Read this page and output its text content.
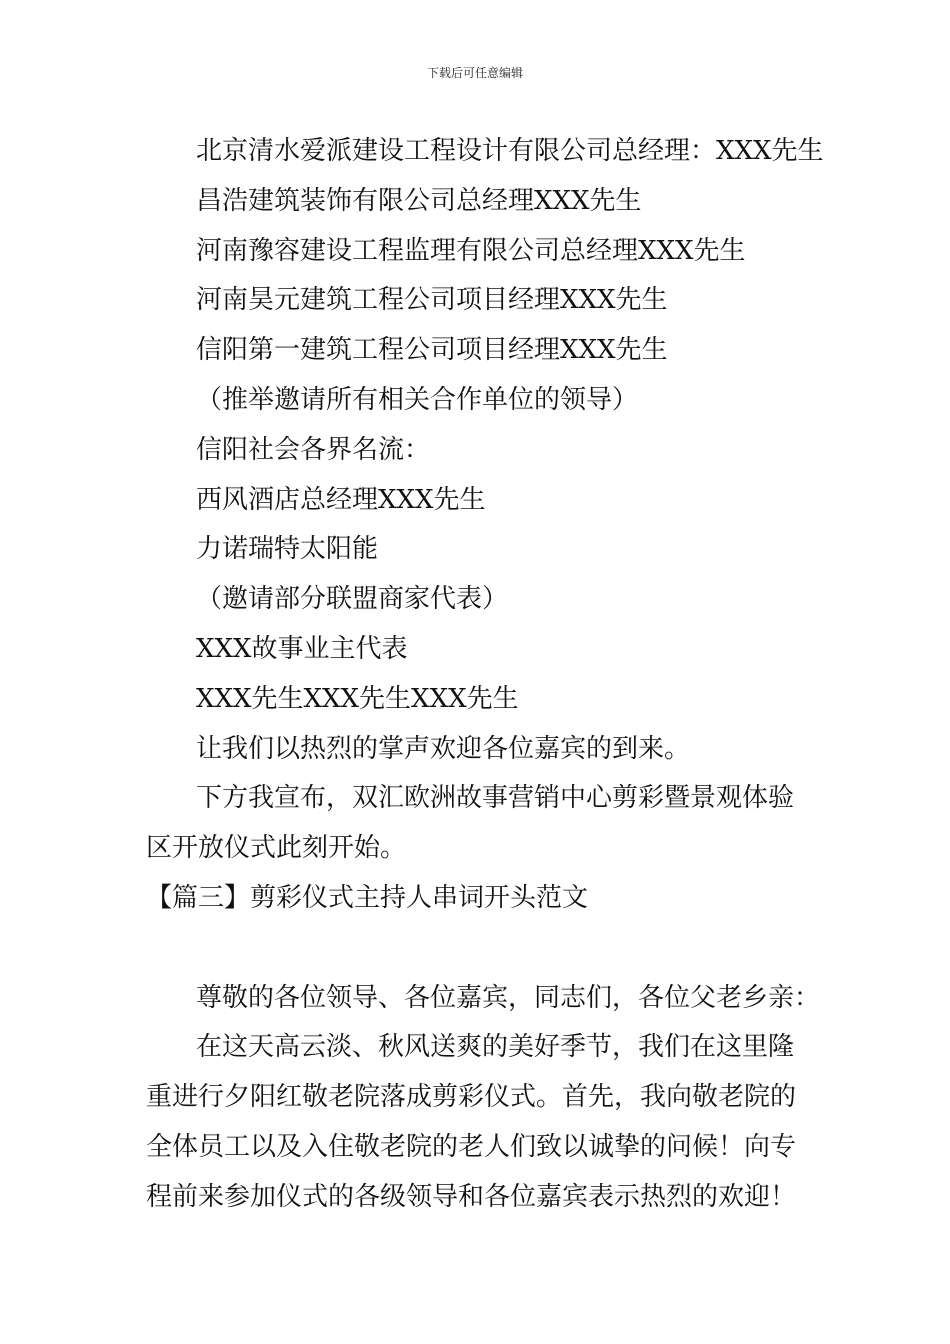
下载后可任意编辑
北京清水爱派建设工程设计有限公司总经理：XXX先生
昌浩建筑装饰有限公司总经理XXX先生
河南豫容建设工程监理有限公司总经理XXX先生
河南昊元建筑工程公司项目经理XXX先生
信阳第一建筑工程公司项目经理XXX先生
（推举邀请所有相关合作单位的领导）
信阳社会各界名流：
西风酒店总经理XXX先生
力诺瑞特太阳能
（邀请部分联盟商家代表）
XXX故事业主代表
XXX先生XXX先生XXX先生
让我们以热烈的掌声欢迎各位嘉宾的到来。
下方我宣布，双汇欧洲故事营销中心剪彩暨景观体验
区开放仪式此刻开始。
【篇三】剪彩仪式主持人串词开头范文
尊敬的各位领导、各位嘉宾，同志们，各位父老乡亲：
在这天高云淡、秋风送爽的美好季节，我们在这里隆
重进行夕阳红敬老院落成剪彩仪式。首先，我向敬老院的
全体员工以及入住敬老院的老人们致以诚挚的问候！向专
程前来参加仪式的各级领导和各位嘉宾表示热烈的欢迎！
